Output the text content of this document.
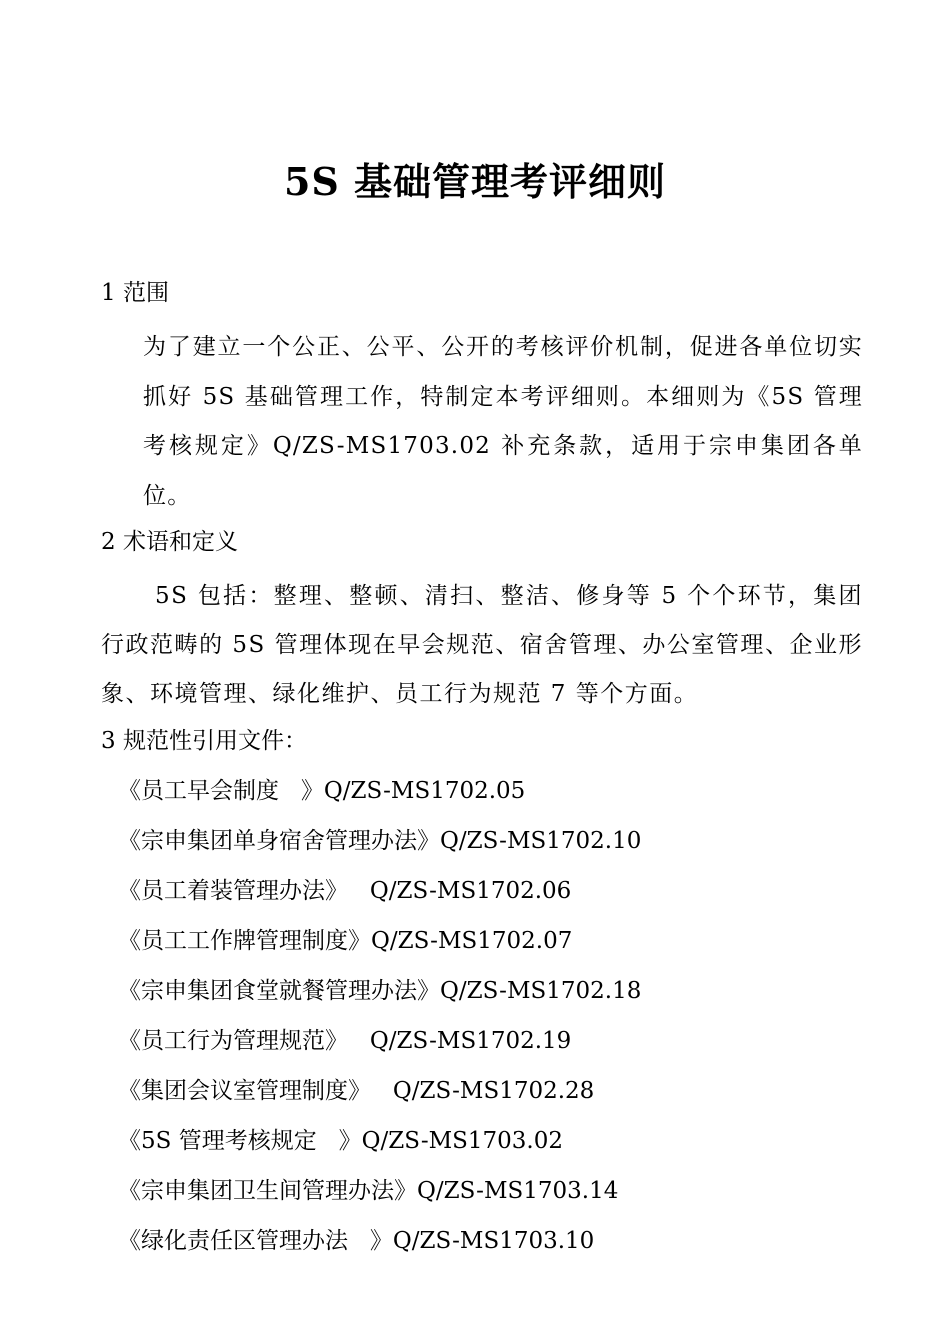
5S 基础管理考评细则
1 范围
为了建立一个公正、公平、公开的考核评价机制，促进各单位切实抓好 5S 基础管理工作，特制定本考评细则。本细则为《5S 管理考核规定》Q/ZS-MS1703.02 补充条款，适用于宗申集团各单位。
2 术语和定义
5S 包括：整理、整顿、清扫、整洁、修身等 5 个个环节，集团行政范畴的 5S 管理体现在早会规范、宿舍管理、办公室管理、企业形象、环境管理、绿化维护、员工行为规范 7 等个方面。
3 规范性引用文件：
《员工早会制度   》Q/ZS-MS1702.05
《宗申集团单身宿舍管理办法》Q/ZS-MS1702.10
《员工着装管理办法》   Q/ZS-MS1702.06
《员工工作牌管理制度》Q/ZS-MS1702.07
《宗申集团食堂就餐管理办法》Q/ZS-MS1702.18
《员工行为管理规范》   Q/ZS-MS1702.19
《集团会议室管理制度》   Q/ZS-MS1702.28
《5S 管理考核规定   》Q/ZS-MS1703.02
《宗申集团卫生间管理办法》Q/ZS-MS1703.14
《绿化责任区管理办法   》Q/ZS-MS1703.10
